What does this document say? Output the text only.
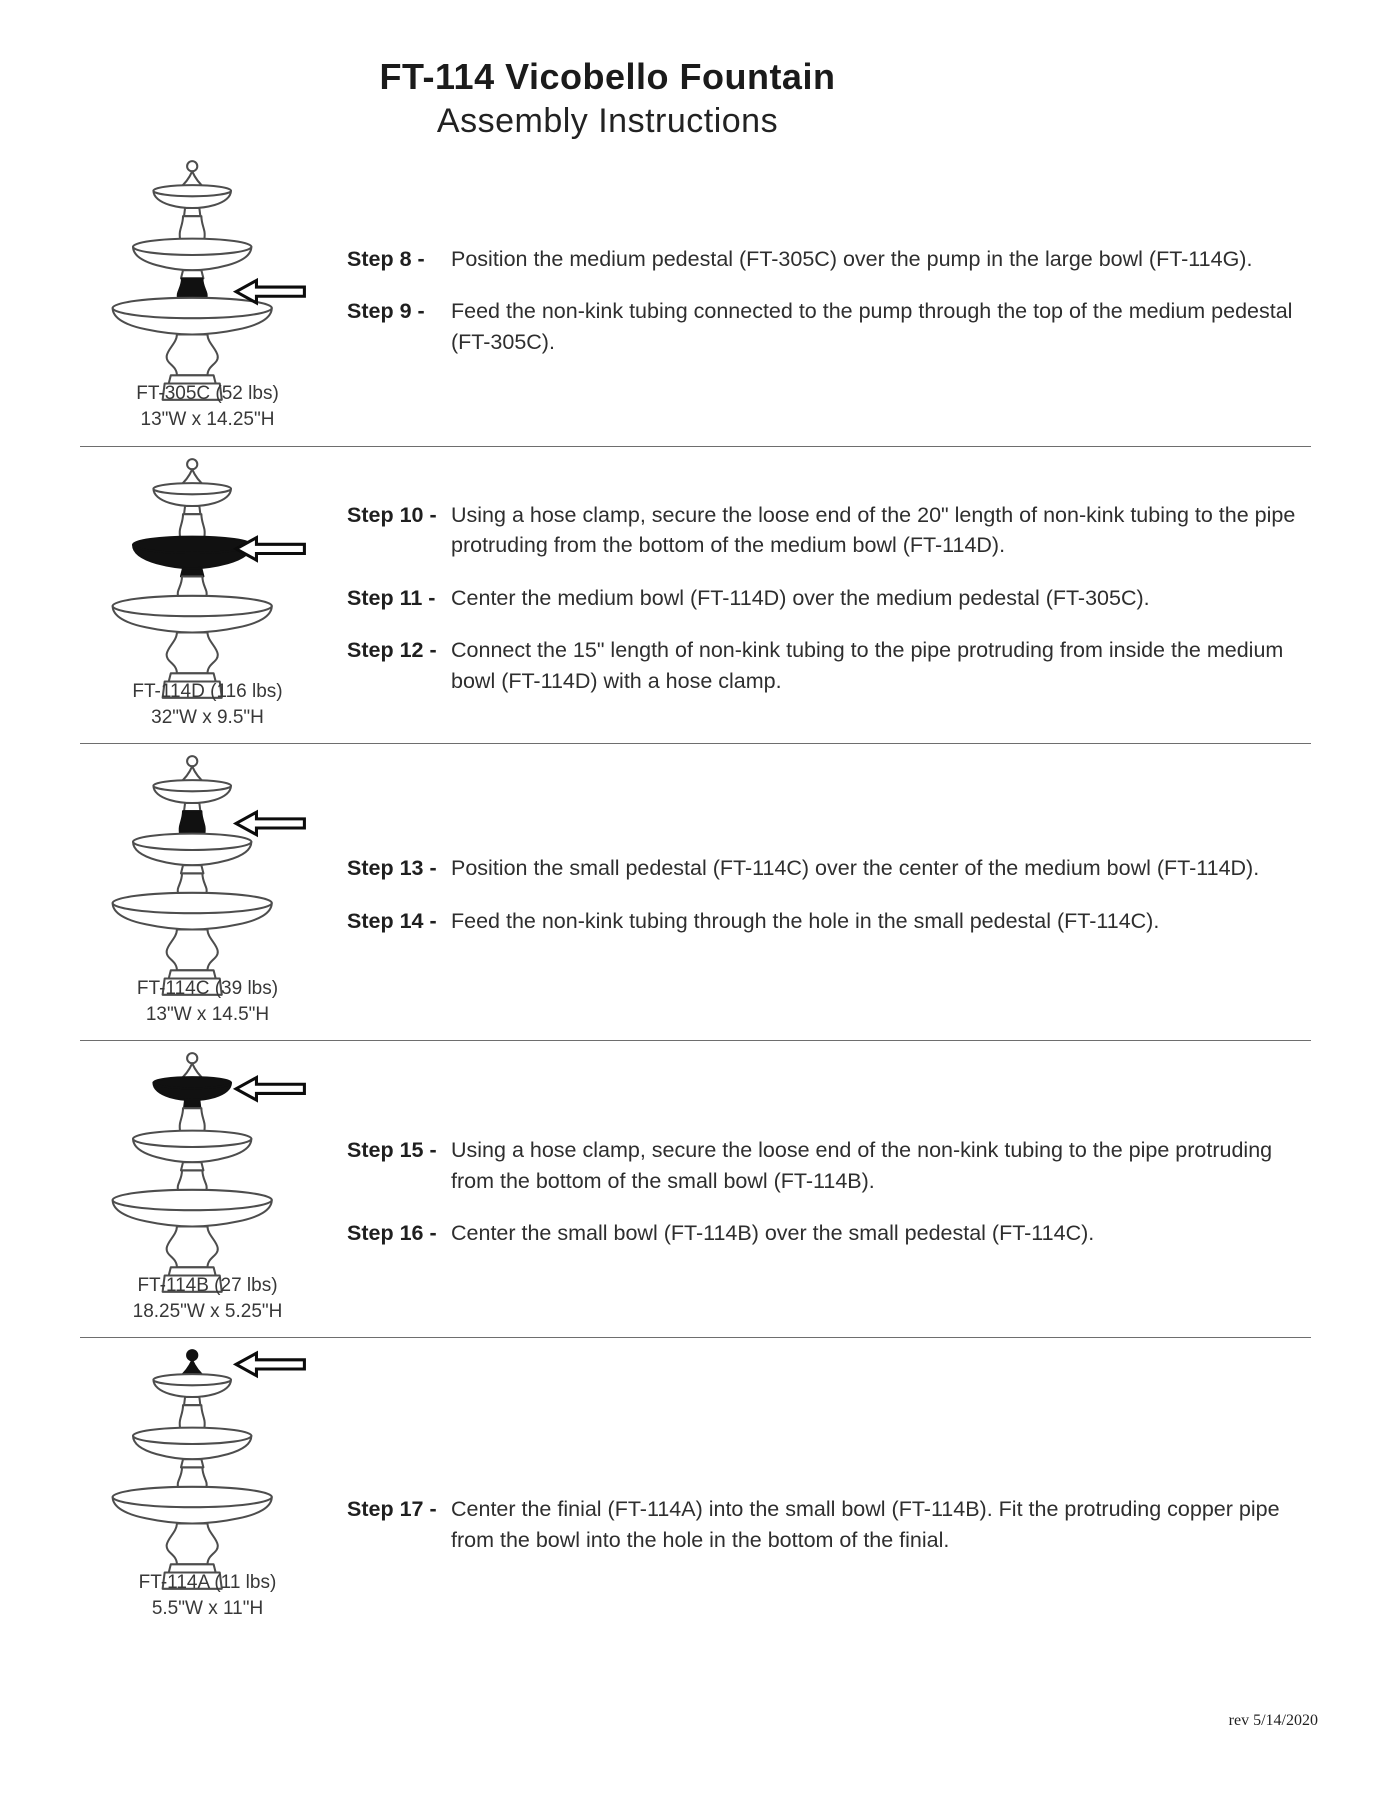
FT-114 Vicobello Fountain
Assembly Instructions
FT-305C (52 lbs)
13"W x 14.25"H
Step 8 -	Position the medium pedestal (FT-305C) over the pump in the large bowl (FT-114G).
Step 9 -	Feed the non-kink tubing connected to the pump through the top of the medium pedestal (FT-305C).
FT-114D (116 lbs)
32"W x 9.5"H
Step 10 - Using a hose clamp, secure the loose end of the 20" length of non-kink tubing to the pipe protruding from the bottom of the medium bowl (FT-114D).
Step 11 - Center the medium bowl (FT-114D) over the medium pedestal (FT-305C).
Step 12 - Connect the 15" length of non-kink tubing to the pipe protruding from inside the medium bowl (FT-114D) with a hose clamp.
FT-114C (39 lbs)
13"W x 14.5"H
Step 13 - Position the small pedestal (FT-114C) over the center of the medium bowl (FT-114D).
Step 14 - Feed the non-kink tubing through the hole in the small pedestal (FT-114C).
FT-114B (27 lbs)
18.25"W x 5.25"H
Step 15 - Using a hose clamp, secure the loose end of the non-kink tubing to the pipe protruding from the bottom of the small bowl (FT-114B).
Step 16 - Center the small bowl (FT-114B) over the small pedestal (FT-114C).
FT-114A (11 lbs)
5.5"W x 11"H
Step 17 - Center the finial (FT-114A) into the small bowl (FT-114B). Fit the protruding copper pipe from the bowl into the hole in the bottom of the finial.
rev 5/14/2020
